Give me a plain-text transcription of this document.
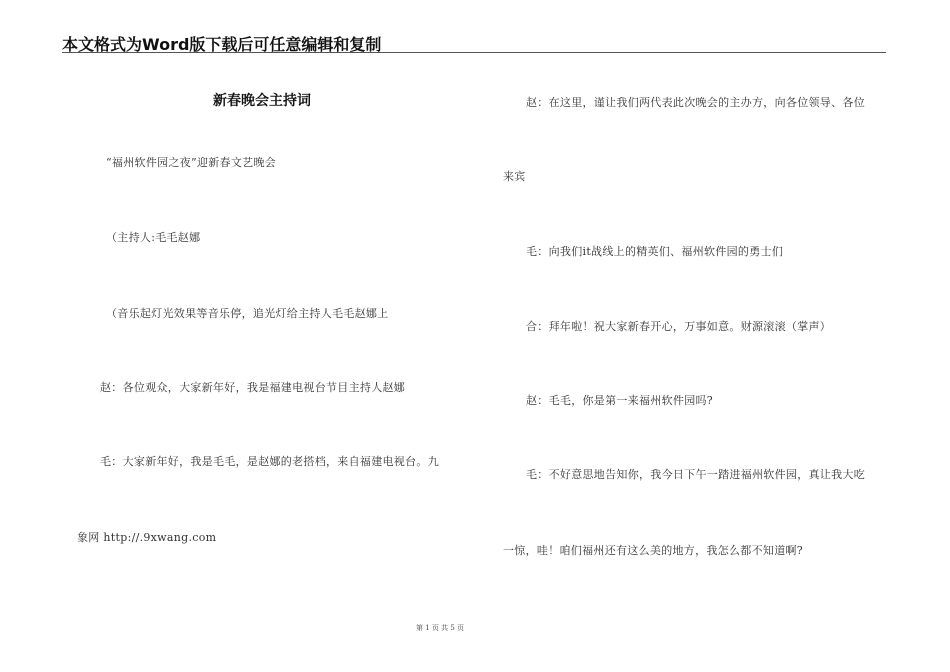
本文格式为Word版下载后可任意编辑和复制
新春晚会主持词
“福州软件园之夜”迎新春文艺晚会
（主持人:毛毛赵娜
（音乐起灯光效果等音乐停，追光灯给主持人毛毛赵娜上
赵：各位观众，大家新年好，我是福建电视台节目主持人赵娜
毛：大家新年好，我是毛毛，是赵娜的老搭档，来自福建电视台。九
象网 http://.9xwang.com
赵：在这里，谨让我们两代表此次晚会的主办方，向各位领导、各位
来宾
毛：向我们it战线上的精英们、福州软件园的勇士们
合：拜年啦！祝大家新春开心，万事如意。财源滚滚（掌声）
赵：毛毛，你是第一来福州软件园吗?
毛：不好意思地告知你，我今日下午一踏进福州软件园，真让我大吃
一惊，哇！咱们福州还有这么美的地方，我怎么都不知道啊?
第 1 页 共 5 页
